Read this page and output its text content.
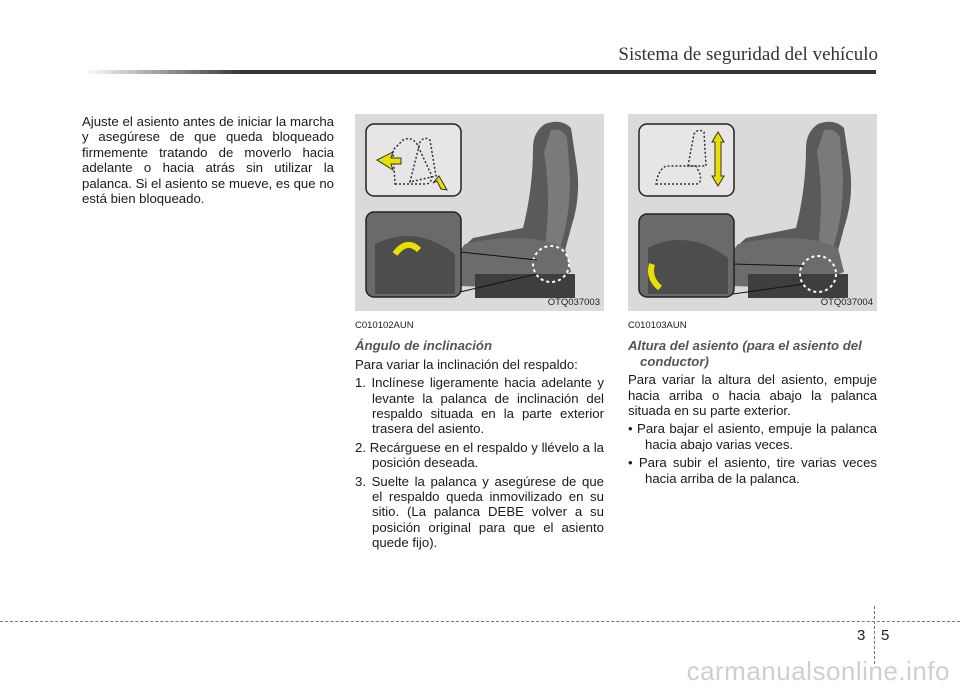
Sistema de seguridad del vehículo
Ajuste el asiento antes de iniciar la marcha y asegúrese de que queda bloqueado firmemente tratando de moverlo hacia adelante o hacia atrás sin utilizar la palanca. Si el asiento se mueve, es que no está bien bloqueado.
OTQ037003	OTQ037004
C010102AUN
Ángulo de inclinación
Para variar la inclinación del respaldo:
1. Inclínese ligeramente hacia adelante y levante la palanca de inclinación del respaldo situada en la parte exterior trasera del asiento.
2. Recárguese en el respaldo y llévelo a la posición deseada.
3. Suelte la palanca y asegúrese de que el respaldo queda inmovilizado en su sitio. (La palanca DEBE volver a su posición original para que el asiento quede fijo).
C010103AUN
Altura del asiento (para el asiento del conductor)
Para variar la altura del asiento, empuje hacia arriba o hacia abajo la palanca situada en su parte exterior.
• Para bajar el asiento, empuje la palanca hacia abajo varias veces.
• Para subir el asiento, tire varias veces hacia arriba de la palanca.
3 5
carmanualsonline.info
